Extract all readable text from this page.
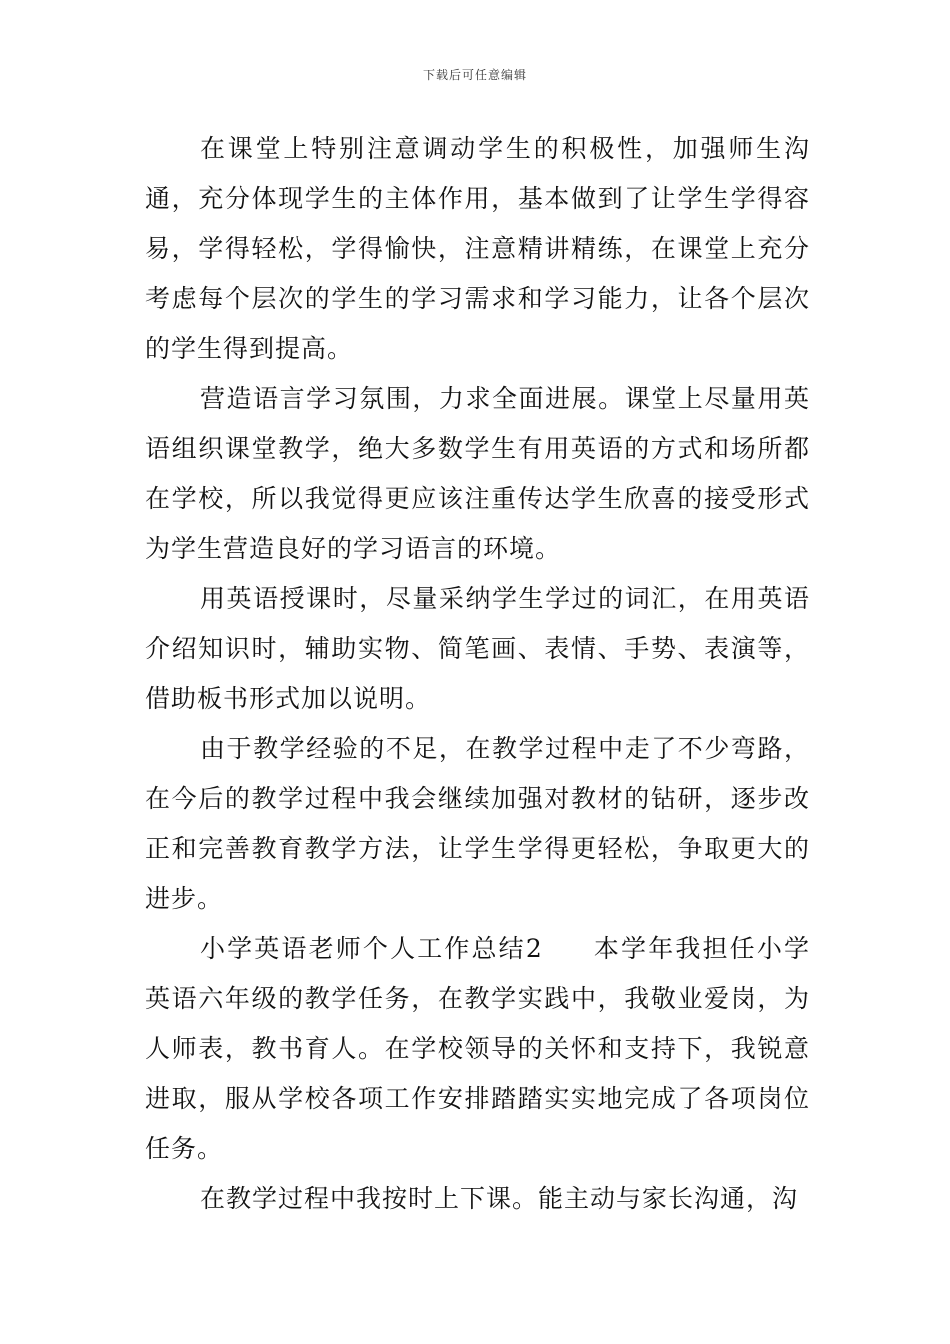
下载后可任意编辑

在课堂上特别注意调动学生的积极性，加强师生沟通，充分体现学生的主体作用，基本做到了让学生学得容易，学得轻松，学得愉快，注意精讲精练，在课堂上充分考虑每个层次的学生的学习需求和学习能力，让各个层次的学生得到提高。

营造语言学习氛围，力求全面进展。课堂上尽量用英语组织课堂教学，绝大多数学生有用英语的方式和场所都在学校，所以我觉得更应该注重传达学生欣喜的接受形式为学生营造良好的学习语言的环境。

用英语授课时，尽量采纳学生学过的词汇，在用英语介绍知识时，辅助实物、简笔画、表情、手势、表演等，借助板书形式加以说明。

由于教学经验的不足，在教学过程中走了不少弯路，在今后的教学过程中我会继续加强对教材的钻研，逐步改正和完善教育教学方法，让学生学得更轻松，争取更大的进步。

小学英语老师个人工作总结2 本学年我担任小学英语六年级的教学任务，在教学实践中，我敬业爱岗，为人师表，教书育人。在学校领导的关怀和支持下，我锐意进取，服从学校各项工作安排踏踏实实地完成了各项岗位任务。

在教学过程中我按时上下课。能主动与家长沟通，沟
